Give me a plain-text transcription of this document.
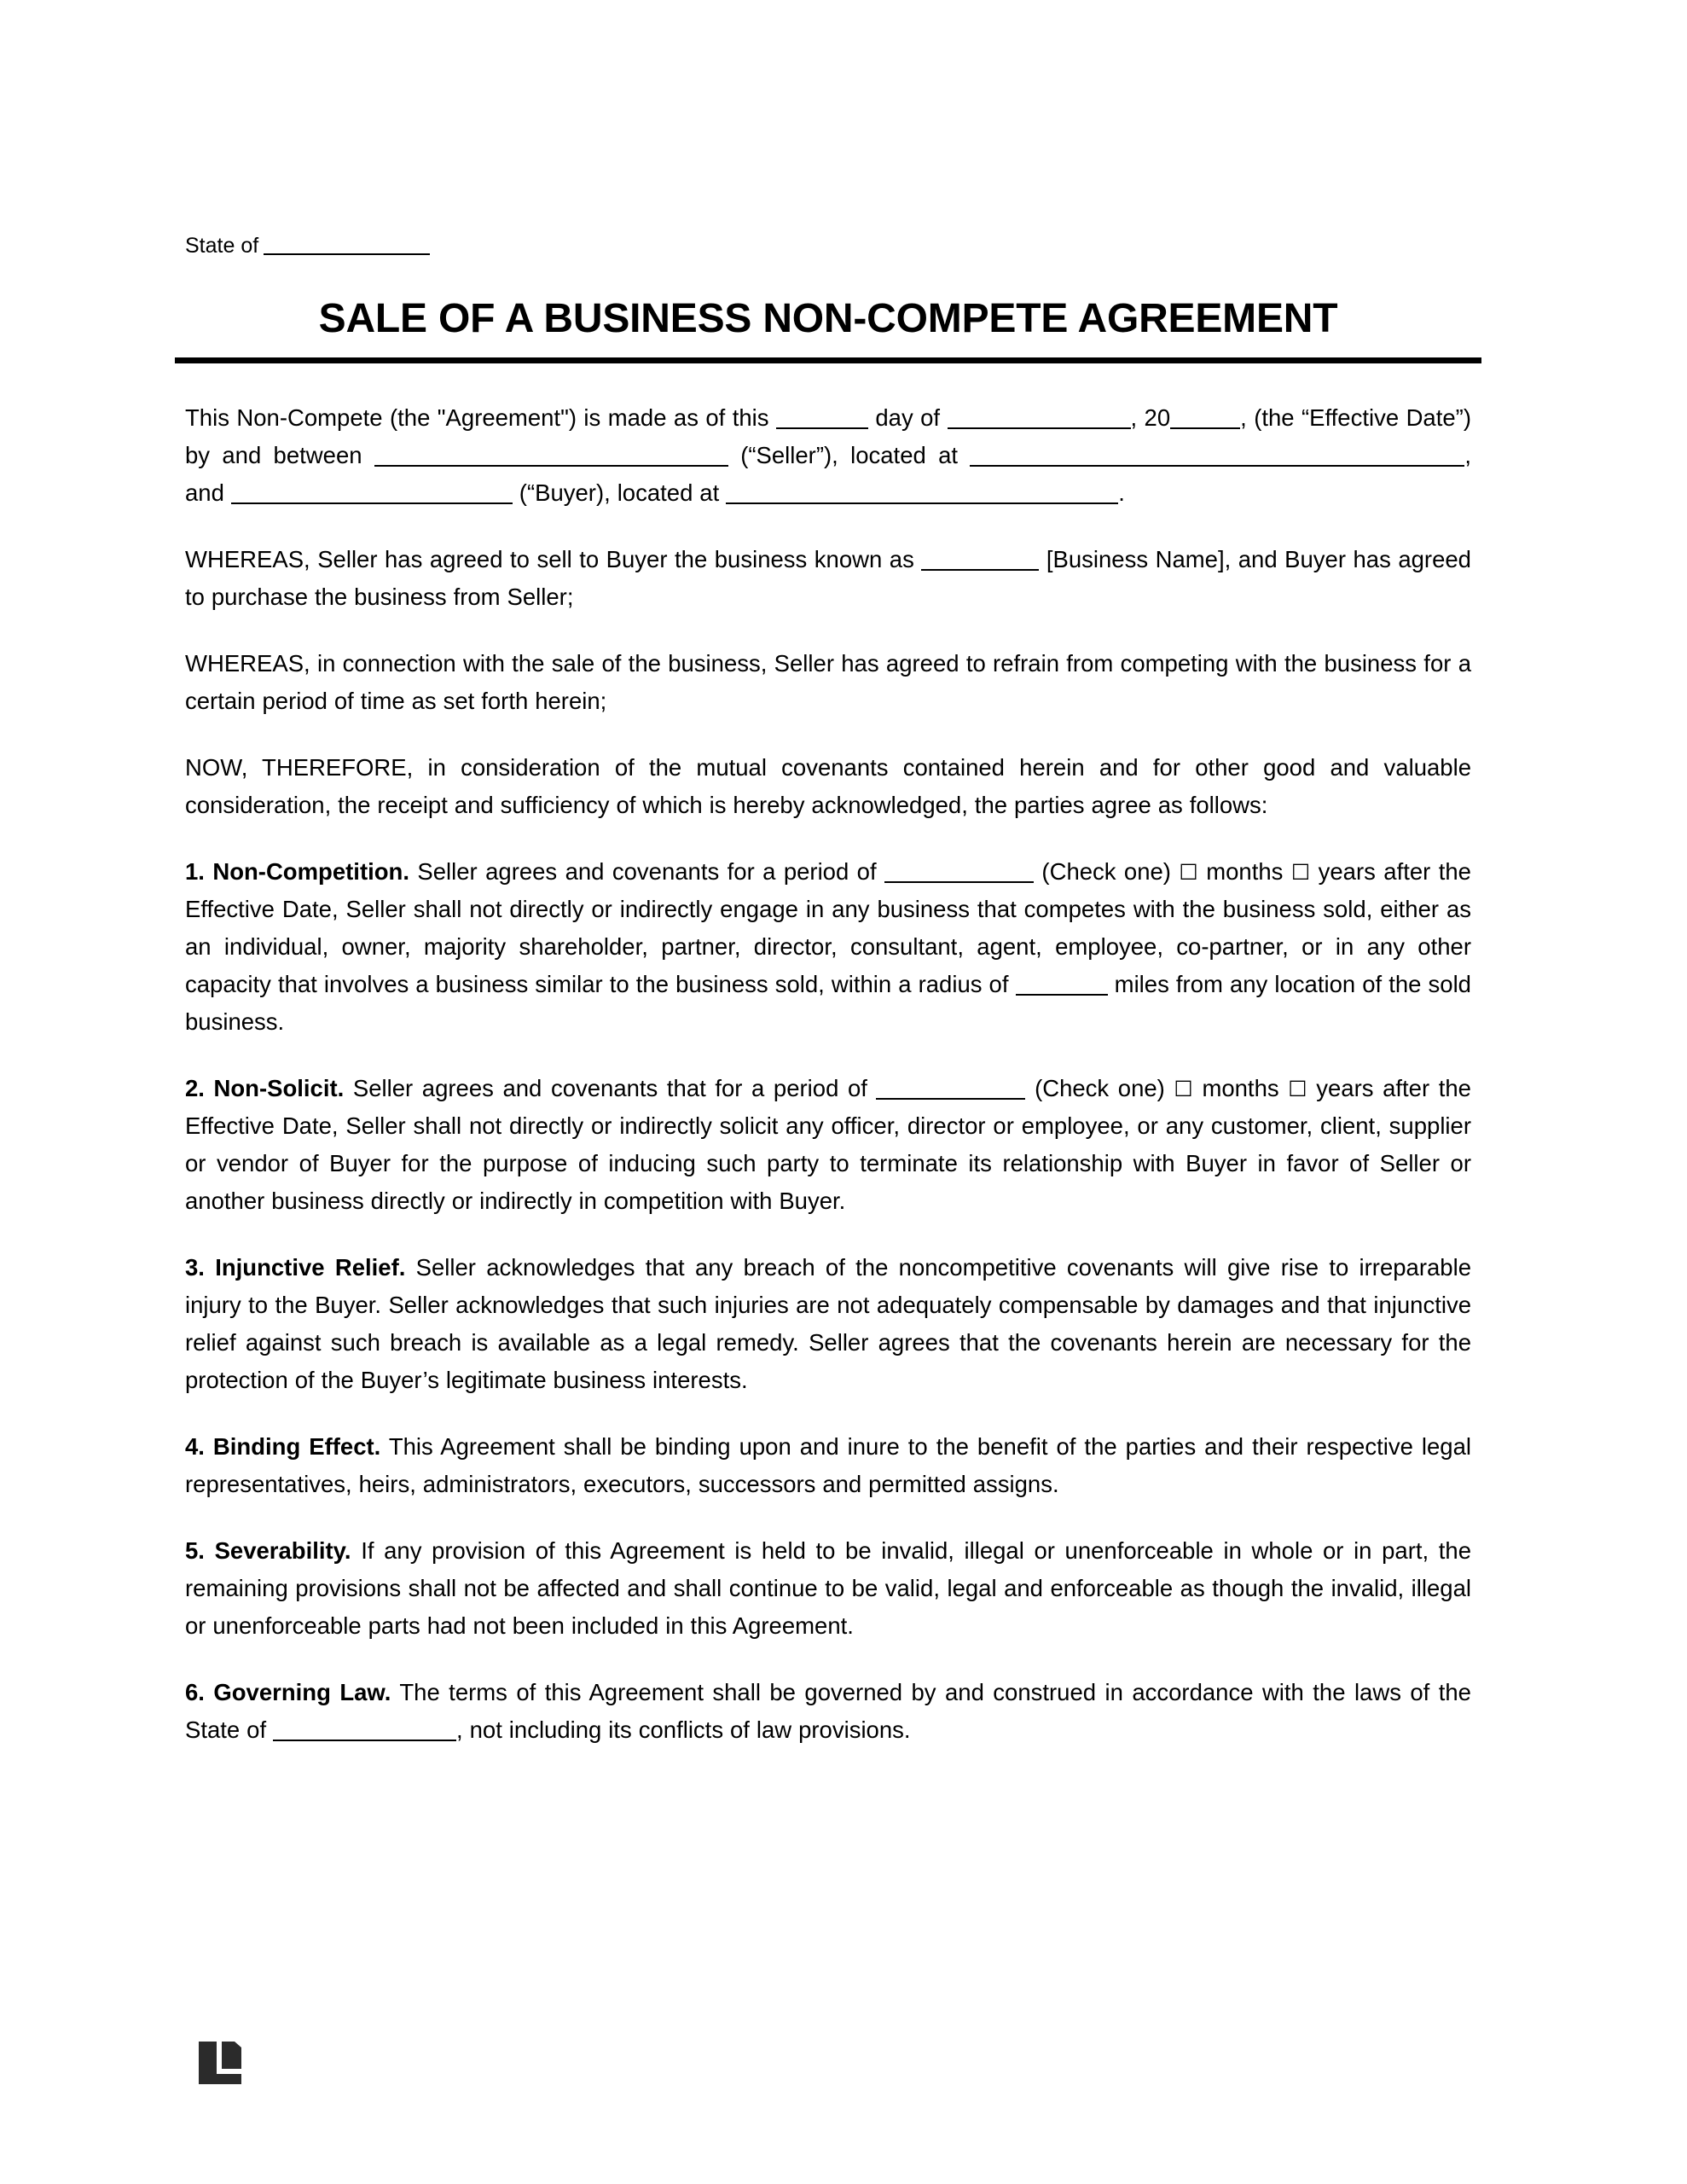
State of
SALE OF A BUSINESS NON-COMPETE AGREEMENT

This Non-Compete (the "Agreement") is made as of this	day of	, 20	, (the “Effective Date”) by and between	(“Seller”), located at	, and	(“Buyer), located at	.

WHEREAS, Seller has agreed to sell to Buyer the business known as	[Business Name], and Buyer has agreed to purchase the business from Seller;

WHEREAS, in connection with the sale of the business, Seller has agreed to refrain from competing with the business for a certain period of time as set forth herein;

NOW, THEREFORE, in consideration of the mutual covenants contained herein and for other good and valuable consideration, the receipt and sufficiency of which is hereby acknowledged, the parties agree as follows:

1. Non-Competition. Seller agrees and covenants for a period of	(Check one) ☐ months ☐ years after the Effective Date, Seller shall not directly or indirectly engage in any business that competes with the business sold, either as an individual, owner, majority shareholder, partner, director, consultant, agent, employee, co-partner, or in any other capacity that involves a business similar to the business sold, within a radius of	miles from any location of the sold business.

2. Non-Solicit. Seller agrees and covenants that for a period of	(Check one) ☐ months ☐ years after the Effective Date, Seller shall not directly or indirectly solicit any officer, director or employee, or any customer, client, supplier or vendor of Buyer for the purpose of inducing such party to terminate its relationship with Buyer in favor of Seller or another business directly or indirectly in competition with Buyer.

3. Injunctive Relief. Seller acknowledges that any breach of the noncompetitive covenants will give rise to irreparable injury to the Buyer. Seller acknowledges that such injuries are not adequately compensable by damages and that injunctive relief against such breach is available as a legal remedy. Seller agrees that the covenants herein are necessary for the protection of the Buyer’s legitimate business interests.

4. Binding Effect. This Agreement shall be binding upon and inure to the benefit of the parties and their respective legal representatives, heirs, administrators, executors, successors and permitted assigns.

5. Severability. If any provision of this Agreement is held to be invalid, illegal or unenforceable in whole or in part, the remaining provisions shall not be affected and shall continue to be valid, legal and enforceable as though the invalid, illegal or unenforceable parts had not been included in this Agreement.

6. Governing Law. The terms of this Agreement shall be governed by and construed in accordance with the laws of the State of	, not including its conflicts of law provisions.
